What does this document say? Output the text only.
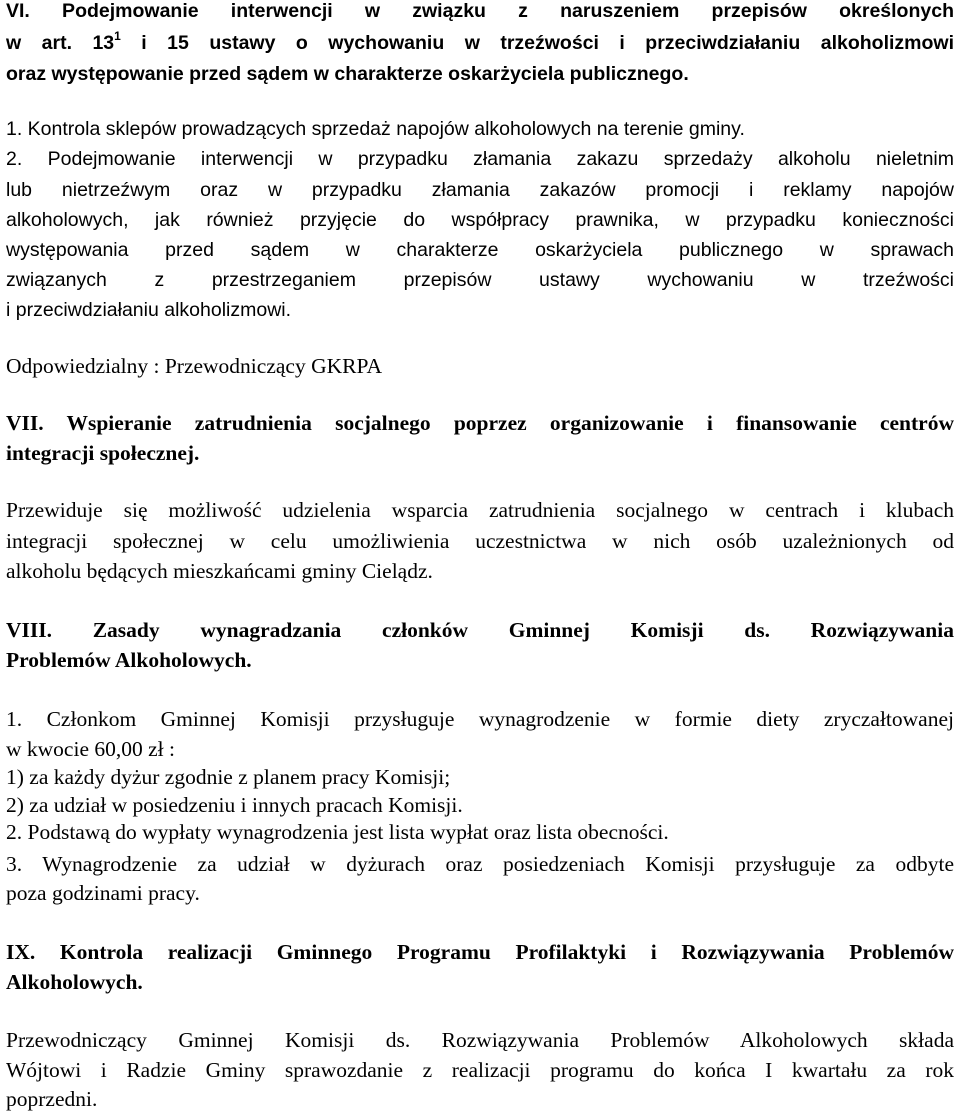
VI. Podejmowanie interwencji w związku z naruszeniem przepisów określonych
w art. $13^1$ i 15 ustawy o wychowaniu w trzeźwości i przeciwdziałaniu alkoholizmowi
oraz występowanie przed sądem w charakterze oskarżyciela publicznego.
1. Kontrola sklepów prowadzących sprzedaż napojów alkoholowych na terenie gminy.
2. Podejmowanie interwencji w przypadku złamania zakazu sprzedaży alkoholu nieletnim
lub nietrzeźwym oraz w przypadku złamania zakazów promocji i reklamy napojów
alkoholowych, jak również przyjęcie do współpracy prawnika, w przypadku konieczności
występowania przed sądem w charakterze oskarżyciela publicznego w sprawach
związanych z przestrzeganiem przepisów ustawy wychowaniu w trzeźwości
i przeciwdziałaniu alkoholizmowi.
Odpowiedzialny : Przewodniczący GKRPA
VII. Wspieranie zatrudnienia socjalnego poprzez organizowanie i finansowanie centrów
integracji społecznej.
Przewiduje się możliwość udzielenia wsparcia zatrudnienia socjalnego w centrach i klubach
integracji społecznej w celu umożliwienia uczestnictwa w nich osób uzależnionych od
alkoholu będących mieszkańcami gminy Cielądz.
VIII. Zasady wynagradzania członków Gminnej Komisji ds. Rozwiązywania
Problemów Alkoholowych.
1. Członkom Gminnej Komisji przysługuje wynagrodzenie w formie diety zryczałtowanej
w kwocie 60,00 zł :
1) za każdy dyżur zgodnie z planem pracy Komisji;
2) za udział w posiedzeniu i innych pracach Komisji.
2. Podstawą do wypłaty wynagrodzenia jest lista wypłat oraz lista obecności.
3. Wynagrodzenie za udział w dyżurach oraz posiedzeniach Komisji przysługuje za odbyte
poza godzinami pracy.
IX. Kontrola realizacji Gminnego Programu Profilaktyki i Rozwiązywania Problemów
Alkoholowych.
Przewodniczący Gminnej Komisji ds. Rozwiązywania Problemów Alkoholowych składa
Wójtowi i Radzie Gminy sprawozdanie z realizacji programu do końca I kwartału za rok
poprzedni.
